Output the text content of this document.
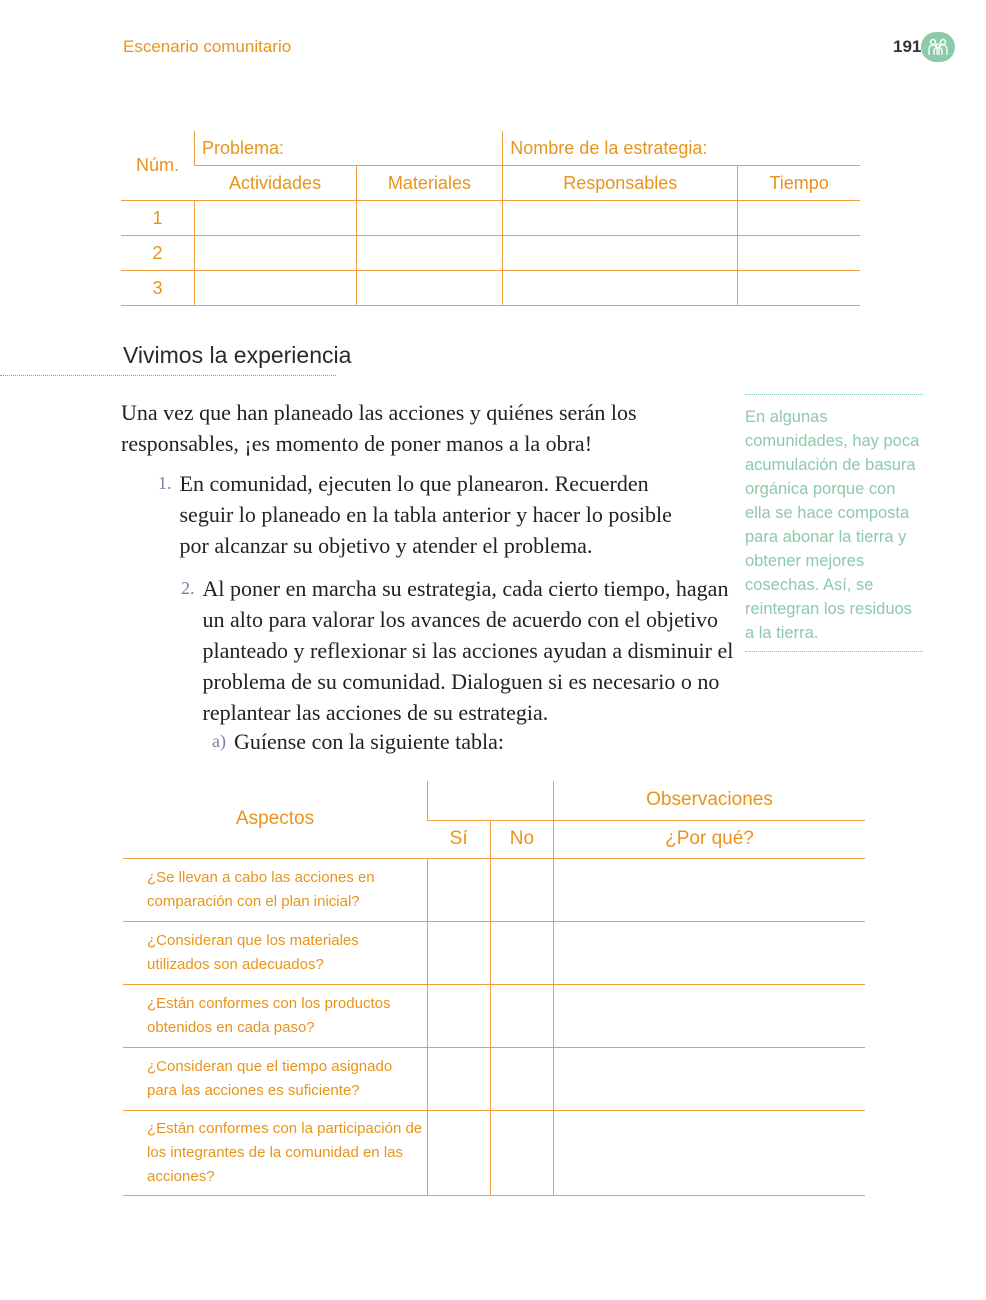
Escenario comunitario	191
Núm.	Problema:		Nombre de la estrategia:	
	Actividades	Materiales	Responsables	Tiempo
1				
2				
3				
Vivimos la experiencia
Una vez que han planeado las acciones y quiénes serán los responsables, ¡es momento de poner manos a la obra!
1. En comunidad, ejecuten lo que planearon. Recuerden seguir lo planeado en la tabla anterior y hacer lo posible por alcanzar su objetivo y atender el problema.
2. Al poner en marcha su estrategia, cada cierto tiempo, hagan un alto para valorar los avances de acuerdo con el objetivo planteado y reflexionar si las acciones ayudan a disminuir el problema de su comunidad. Dialoguen si es necesario o no replantear las acciones de su estrategia.
a) Guíense con la siguiente tabla:
En algunas comunidades, hay poca acumulación de basura orgánica porque con ella se hace composta para abonar la tierra y obtener mejores cosechas. Así, se reintegran los residuos a la tierra.
Aspectos			Observaciones
	Sí	No	¿Por qué?
¿Se llevan a cabo las acciones en comparación con el plan inicial?			
¿Consideran que los materiales utilizados son adecuados?			
¿Están conformes con los productos obtenidos en cada paso?			
¿Consideran que el tiempo asignado para las acciones es suficiente?			
¿Están conformes con la participación de los integrantes de la comunidad en las acciones?			
